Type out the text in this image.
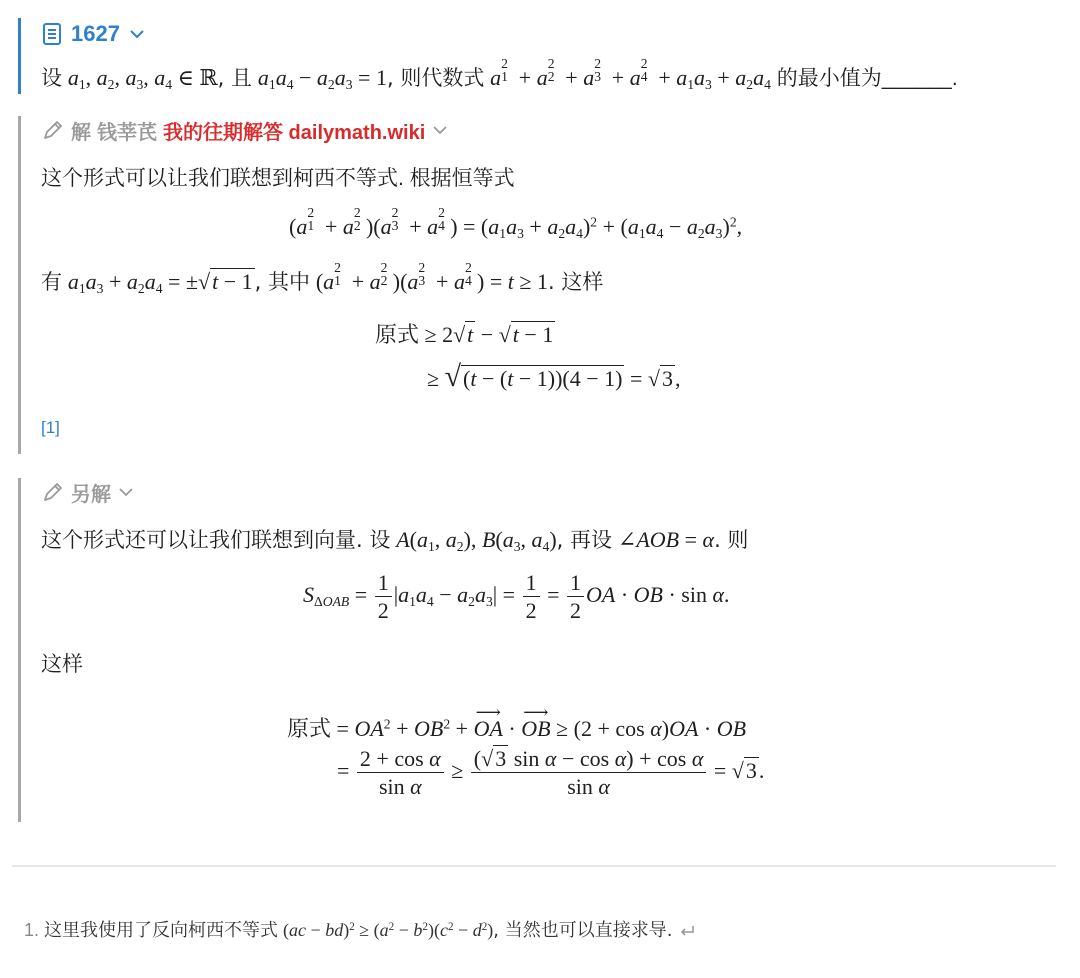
1627
设 $a_1$, $a_2$, $a_3$, $a_4$ ∈ ℝ, 且 $a_1a_4 - a_2a_3 = 1$, 则代数式 a
2
1 + a
2
2 + a
2
3 + a
2
$4 + a_1a_3 + a_2a_4$ 的最小值为______.
解 钱莘芪 我的往期解答 dailymath.wiki
这个形式可以让我们联想到柯西不等式. 根据恒等式
(a
2
1 + a
2
2 )(a
2
3 + a
2
4 ) = $(a_1a_3 + a_2a_4)^2 + (a_1a_4 - a_2a_3)^2$,
有 $a_1a_3 + a_2a_4 = \pm√t - 1$, 其中 (a
2
1 + a
2
2 )(a
2
3 + a
2
4 ) = t ≥ 1. 这样
原式 ≥ 2√t − √t − 1
≥ √(t − (t − 1))(4 − 1) = √3,
[1]
另解
这个形式还可以让我们联想到向量. 设 $A(a_1$, $a_2$), $B(a_3$, $a_4$), 再设 ∠AOB = α. 则
$S_{\Delta OAB} = \frac{1}{2} |a_1a_4 - a_2a_3| = \frac{1}{2} = \frac{1}{2}$ OA · OB · sin α.
这样
原式 = $OA^2 + OB^2$ + ⟶ OA · ⟶ OB ≥ (2 + cos α)OA · OB
= $\frac{\text{2 + cos α}}{\text{sin α}} \ge \frac{\text{(√3 sin α − cos α) + cos α}}{\text{sin α}} = √3$.
1. 这里我使用了反向柯西不等式 $(ac - bd)^2 \ge (a^2 - b^2)(c^2 - d^2)$, 当然也可以直接求导.
